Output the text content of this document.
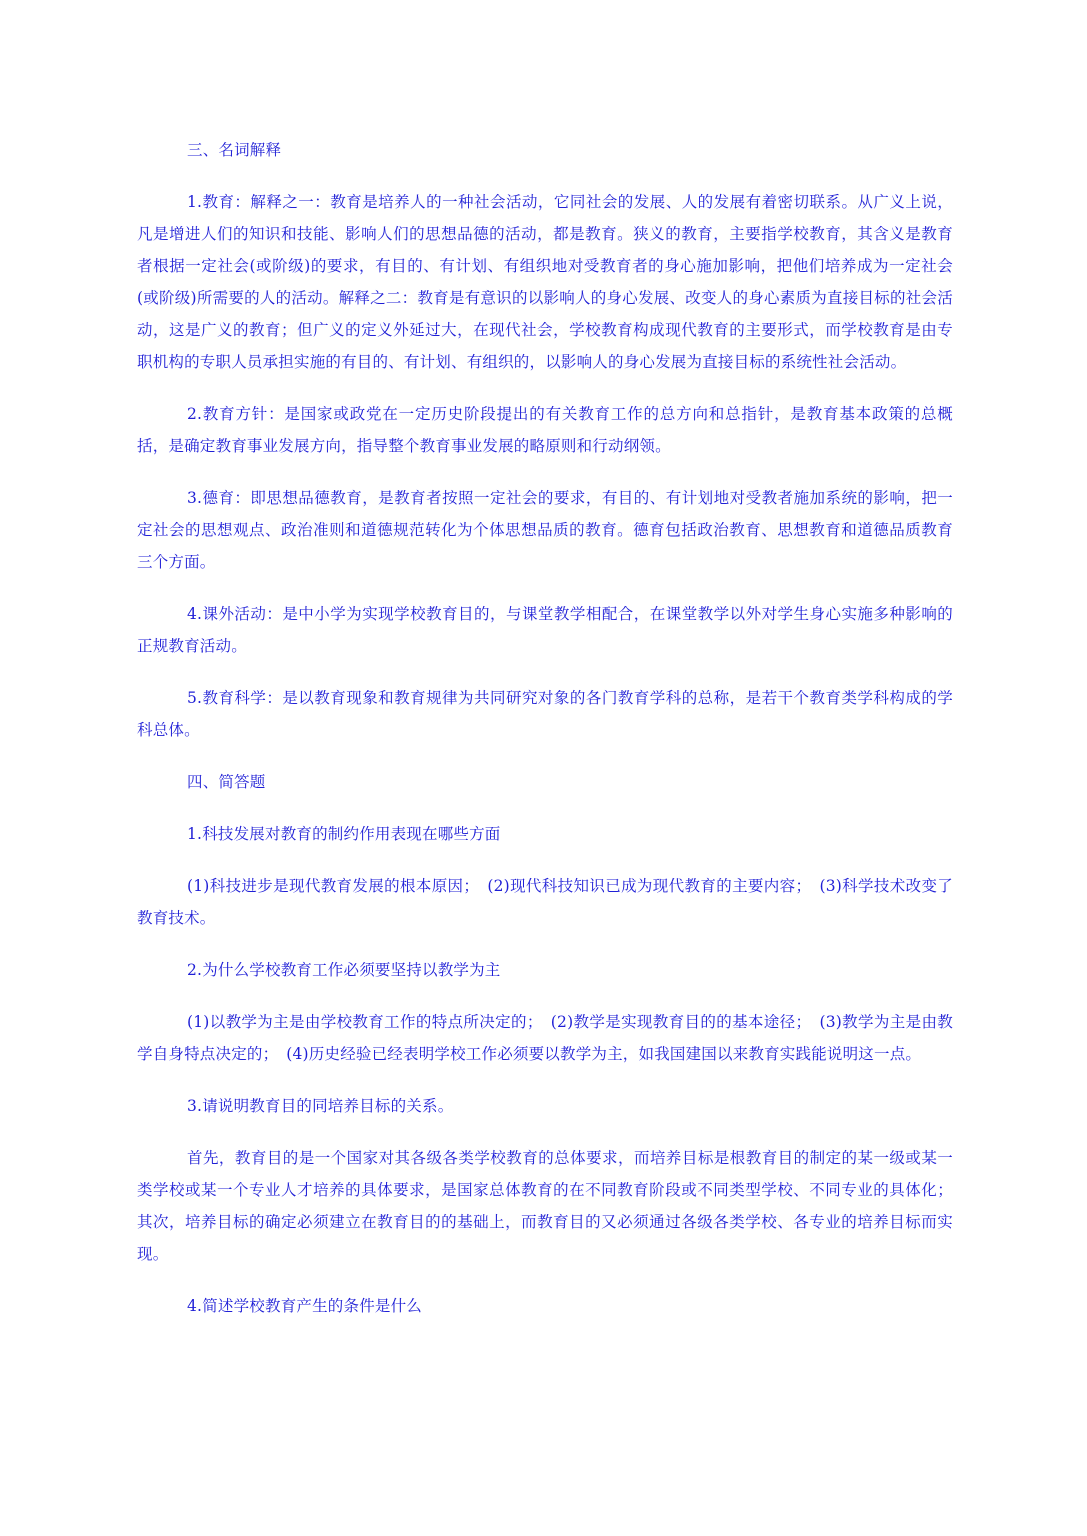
三、名词解释

1.教育：解释之一：教育是培养人的一种社会活动，它同社会的发展、人的发展有着密切联系。从广义上说，凡是增进人们的知识和技能、影响人们的思想品德的活动，都是教育。狭义的教育，主要指学校教育，其含义是教育者根据一定社会(或阶级)的要求，有目的、有计划、有组织地对受教育者的身心施加影响，把他们培养成为一定社会(或阶级)所需要的人的活动。解释之二：教育是有意识的以影响人的身心发展、改变人的身心素质为直接目标的社会活动，这是广义的教育；但广义的定义外延过大，在现代社会，学校教育构成现代教育的主要形式，而学校教育是由专职机构的专职人员承担实施的有目的、有计划、有组织的，以影响人的身心发展为直接目标的系统性社会活动。

2.教育方针：是国家或政党在一定历史阶段提出的有关教育工作的总方向和总指针，是教育基本政策的总概括，是确定教育事业发展方向，指导整个教育事业发展的略原则和行动纲领。

3.德育：即思想品德教育，是教育者按照一定社会的要求，有目的、有计划地对受教者施加系统的影响，把一定社会的思想观点、政治准则和道德规范转化为个体思想品质的教育。德育包括政治教育、思想教育和道德品质教育三个方面。

4.课外活动：是中小学为实现学校教育目的，与课堂教学相配合，在课堂教学以外对学生身心实施多种影响的正规教育活动。

5.教育科学：是以教育现象和教育规律为共同研究对象的各门教育学科的总称，是若干个教育类学科构成的学科总体。

四、简答题

1.科技发展对教育的制约作用表现在哪些方面

(1)科技进步是现代教育发展的根本原因；　(2)现代科技知识已成为现代教育的主要内容；　(3)科学技术改变了教育技术。

2.为什么学校教育工作必须要坚持以教学为主

(1)以教学为主是由学校教育工作的特点所决定的；　(2)教学是实现教育目的的基本途径；　(3)教学为主是由教学自身特点决定的；　(4)历史经验已经表明学校工作必须要以教学为主，如我国建国以来教育实践能说明这一点。

3.请说明教育目的同培养目标的关系。

首先，教育目的是一个国家对其各级各类学校教育的总体要求，而培养目标是根教育目的制定的某一级或某一类学校或某一个专业人才培养的具体要求，是国家总体教育的在不同教育阶段或不同类型学校、不同专业的具体化；其次，培养目标的确定必须建立在教育目的的基础上，而教育目的又必须通过各级各类学校、各专业的培养目标而实现。

4.简述学校教育产生的条件是什么
